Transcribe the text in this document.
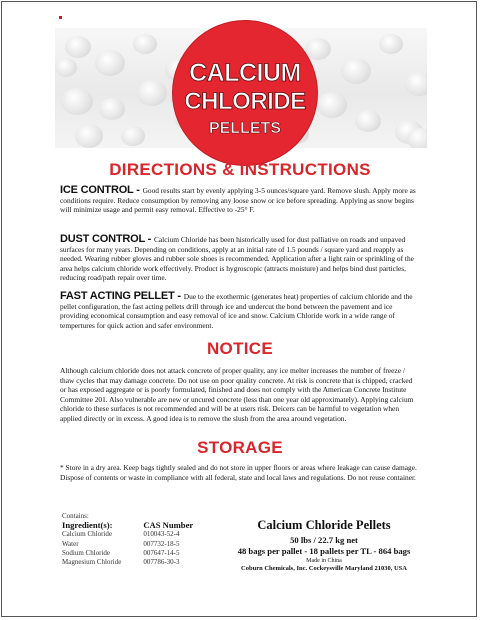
CALCIUM
CHLORIDE
PELLETS
DIRECTIONS & INSTRUCTIONS
ICE CONTROL - Good results start by evenly applying 3-5 ounces/square yard. Remove slush. Apply more as conditions require. Reduce consumption by removing any loose snow or ice before spreading. Applying as snow begins will minimize usage and permit easy removal. Effective to -25° F.
DUST CONTROL - Calcium Chloride has been historically used for dust palliative on roads and unpaved surfaces for many years. Depending on conditions, apply at an initial rate of 1.5 pounds / square yard and reapply as needed. Wearing rubber gloves and rubber sole shoes is recommended. Application after a light rain or sprinkling of the area helps calcium chloride work effectively. Product is hygroscopic (attracts moisture) and helps bind dust particles, reducing road/path repair over time.
FAST ACTING PELLET - Due to the exothermic (generates heat) properties of calcium chloride and the pellet configuration, the fast acting pellets drill through ice and undercut the bond between the pavement and ice providing economical consumption and easy removal of ice and snow. Calcium Chloride work in a wide range of tempertures for quick action and safer environment.
NOTICE
Although calcium chloride does not attack concrete of proper quality, any ice melter increases the number of freeze / thaw cycles that may damage concrete. Do not use on poor quality concrete. At risk is concrete that is chipped, cracked or has exposed aggregate or is poorly formulated, finished and does not comply with the American Concrete Institute Committee 201. Also vulnerable are new or uncured concrete (less than one year old approximately). Applying calcium chloride to these surfaces is not recommended and will be at users risk. Deicers can be harmful to vegetation when applied directly or in excess. A good idea is to remove the slush from the area around vegetation.
STORAGE
* Store in a dry area. Keep bags tightly sealed and do not store in upper floors or areas where leakage can cause damage. Dispose of contents or waste in compliance with all federal, state and local laws and regulations. Do not reuse container.
Contains:
Ingredient(s):	CAS Number
Calcium Chloride	010043-52-4
Water	007732-18-5
Sodium Chloride	007647-14-5
Magnesium Chloride	007786-30-3
Calcium Chloride Pellets
50 lbs / 22.7 kg net
48 bags per pallet - 18 pallets per TL - 864 bags
Made in China
Coburn Chemicals, Inc. Cockeysville Maryland 21030, USA
